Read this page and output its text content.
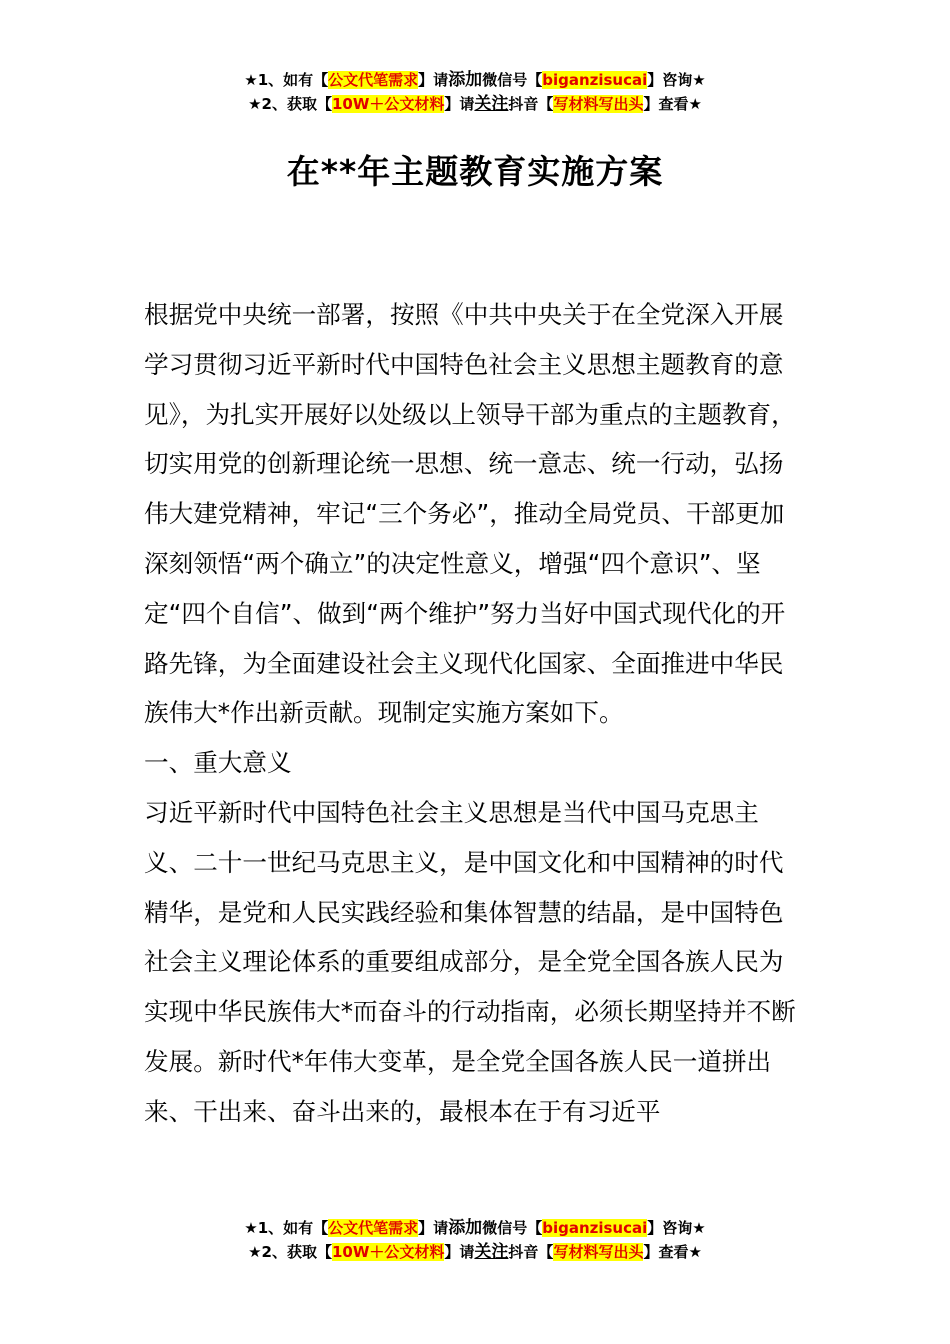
★1、如有【公文代笔需求】请添加微信号【biganzisucai】咨询★
★2、获取【10W＋公文材料】请关注抖音【写材料写出头】查看★
在**年主题教育实施方案

根据党中央统一部署，按照《中共中央关于在全党深入开展学习贯彻习近平新时代中国特色社会主义思想主题教育的意见》，为扎实开展好以处级以上领导干部为重点的主题教育，切实用党的创新理论统一思想、统一意志、统一行动，弘扬伟大建党精神，牢记“三个务必”，推动全局党员、干部更加深刻领悟“两个确立”的决定性意义，增强“四个意识”、坚定“四个自信”、做到“两个维护”努力当好中国式现代化的开路先锋，为全面建设社会主义现代化国家、全面推进中华民族伟大*作出新贡献。现制定实施方案如下。

一、重大意义

习近平新时代中国特色社会主义思想是当代中国马克思主义、二十一世纪马克思主义，是中国文化和中国精神的时代精华，是党和人民实践经验和集体智慧的结晶，是中国特色社会主义理论体系的重要组成部分，是全党全国各族人民为实现中华民族伟大*而奋斗的行动指南，必须长期坚持并不断发展。新时代*年伟大变革，是全党全国各族人民一道拼出来、干出来、奋斗出来的，最根本在于有习近平

★1、如有【公文代笔需求】请添加微信号【biganzisucai】咨询★
★2、获取【10W＋公文材料】请关注抖音【写材料写出头】查看★
